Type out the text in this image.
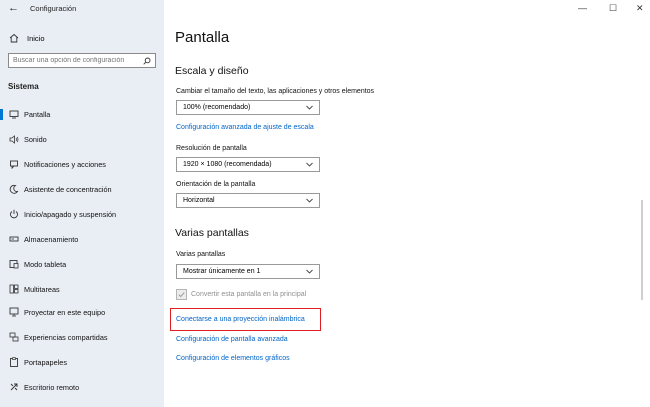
Inicio
Buscar una opción de configuración
Sistema
Pantalla
Sonido
Notificaciones y acciones
Asistente de concentración
Inicio/apagado y suspensión
Almacenamiento
Modo tableta
Multitareas
Proyectar en este equipo
Experiencias compartidas
Portapapeles
Escritorio remoto
← Configuración	— ☐ ✕
Pantalla
Escala y diseño
Cambiar el tamaño del texto, las aplicaciones y otros elementos
100% (recomendado)
Configuración avanzada de ajuste de escala
Resolución de pantalla
1920 × 1080 (recomendada)
Orientación de la pantalla
Horizontal
Varias pantallas
Varias pantallas
Mostrar únicamente en 1
Convertir esta pantalla en la principal
Conectarse a una proyección inalámbrica
Configuración de pantalla avanzada
Configuración de elementos gráficos
